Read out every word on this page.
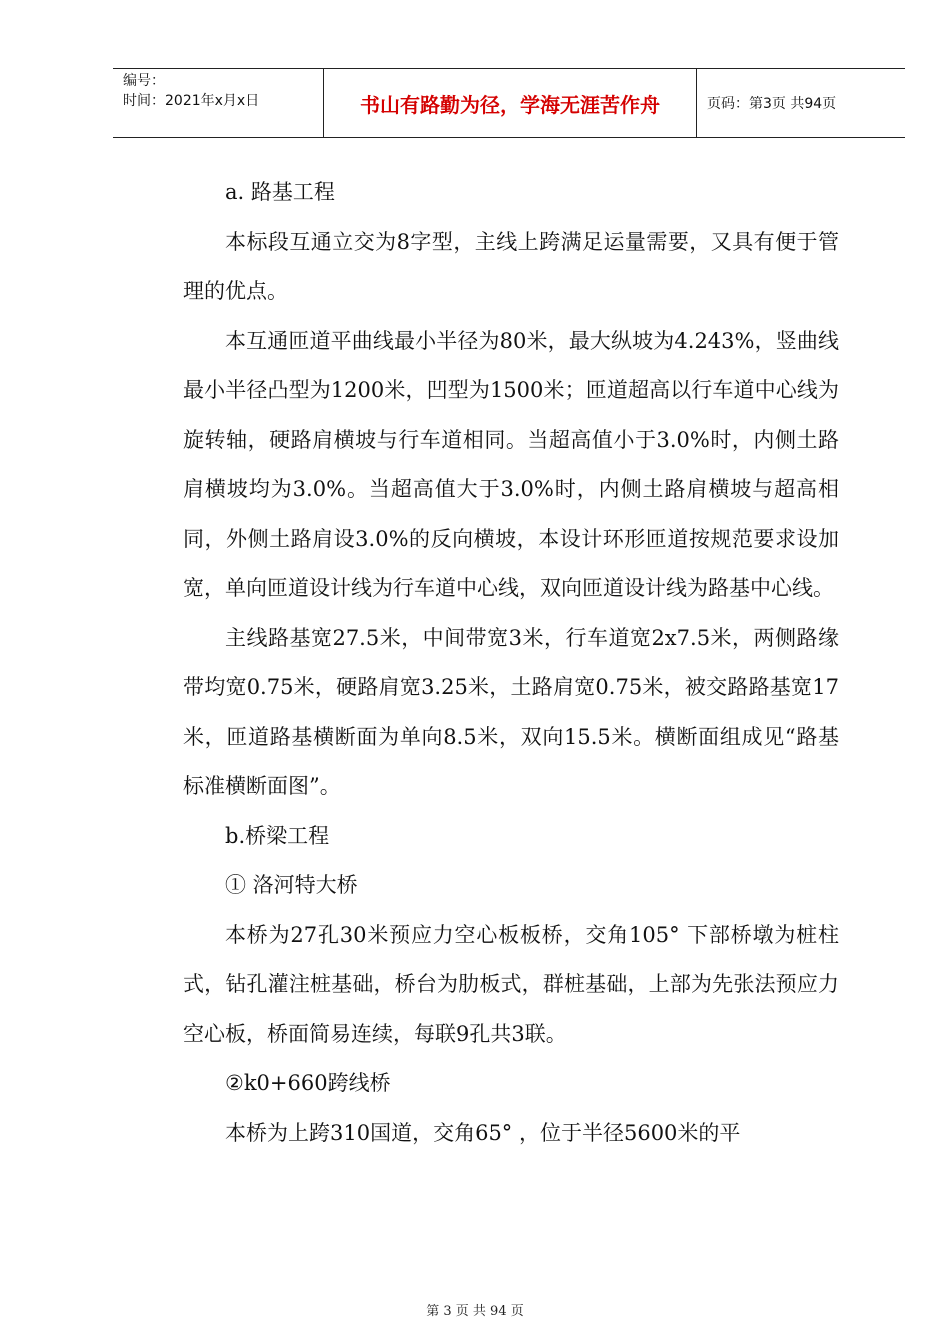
编号：
时间：2021年x月x日	书山有路勤为径，学海无涯苦作舟	页码：第3页 共94页

a. 路基工程

本标段互通立交为8字型，主线上跨满足运量需要，又具有便于管理的优点。

本互通匝道平曲线最小半径为80米，最大纵坡为4.243%，竖曲线最小半径凸型为1200米，凹型为1500米；匝道超高以行车道中心线为旋转轴，硬路肩横坡与行车道相同。当超高值小于3.0%时，内侧土路肩横坡均为3.0%。当超高值大于3.0%时，内侧土路肩横坡与超高相同，外侧土路肩设3.0%的反向横坡，本设计环形匝道按规范要求设加宽，单向匝道设计线为行车道中心线，双向匝道设计线为路基中心线。

主线路基宽27.5米，中间带宽3米，行车道宽2x7.5米，两侧路缘带均宽0.75米，硬路肩宽3.25米，土路肩宽0.75米，被交路路基宽17米，匝道路基横断面为单向8.5米，双向15.5米。横断面组成见“路基标准横断面图”。

b.桥梁工程

① 洛河特大桥

本桥为27孔30米预应力空心板板桥，交角105° 下部桥墩为桩柱式，钻孔灌注桩基础，桥台为肋板式，群桩基础，上部为先张法预应力空心板，桥面简易连续，每联9孔共3联。

②k0+660跨线桥

本桥为上跨310国道，交角65° ，位于半径5600米的平

第 3 页 共 94 页
